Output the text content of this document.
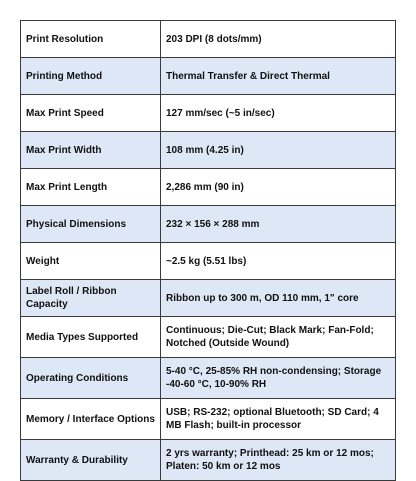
Print Resolution	203 DPI (8 dots/mm)
Printing Method	Thermal Transfer & Direct Thermal
Max Print Speed	127 mm/sec (~5 in/sec)
Max Print Width	108 mm (4.25 in)
Max Print Length	2,286 mm (90 in)
Physical Dimensions	232 × 156 × 288 mm
Weight	~2.5 kg (5.51 lbs)
Label Roll / Ribbon Capacity	Ribbon up to 300 m, OD 110 mm, 1" core
Media Types Supported	Continuous; Die-Cut; Black Mark; Fan-Fold; Notched (Outside Wound)
Operating Conditions	5-40 °C, 25-85% RH non-condensing; Storage -40-60 °C, 10-90% RH
Memory / Interface Options	USB; RS-232; optional Bluetooth; SD Card; 4 MB Flash; built-in processor
Warranty & Durability	2 yrs warranty; Printhead: 25 km or 12 mos; Platen: 50 km or 12 mos
